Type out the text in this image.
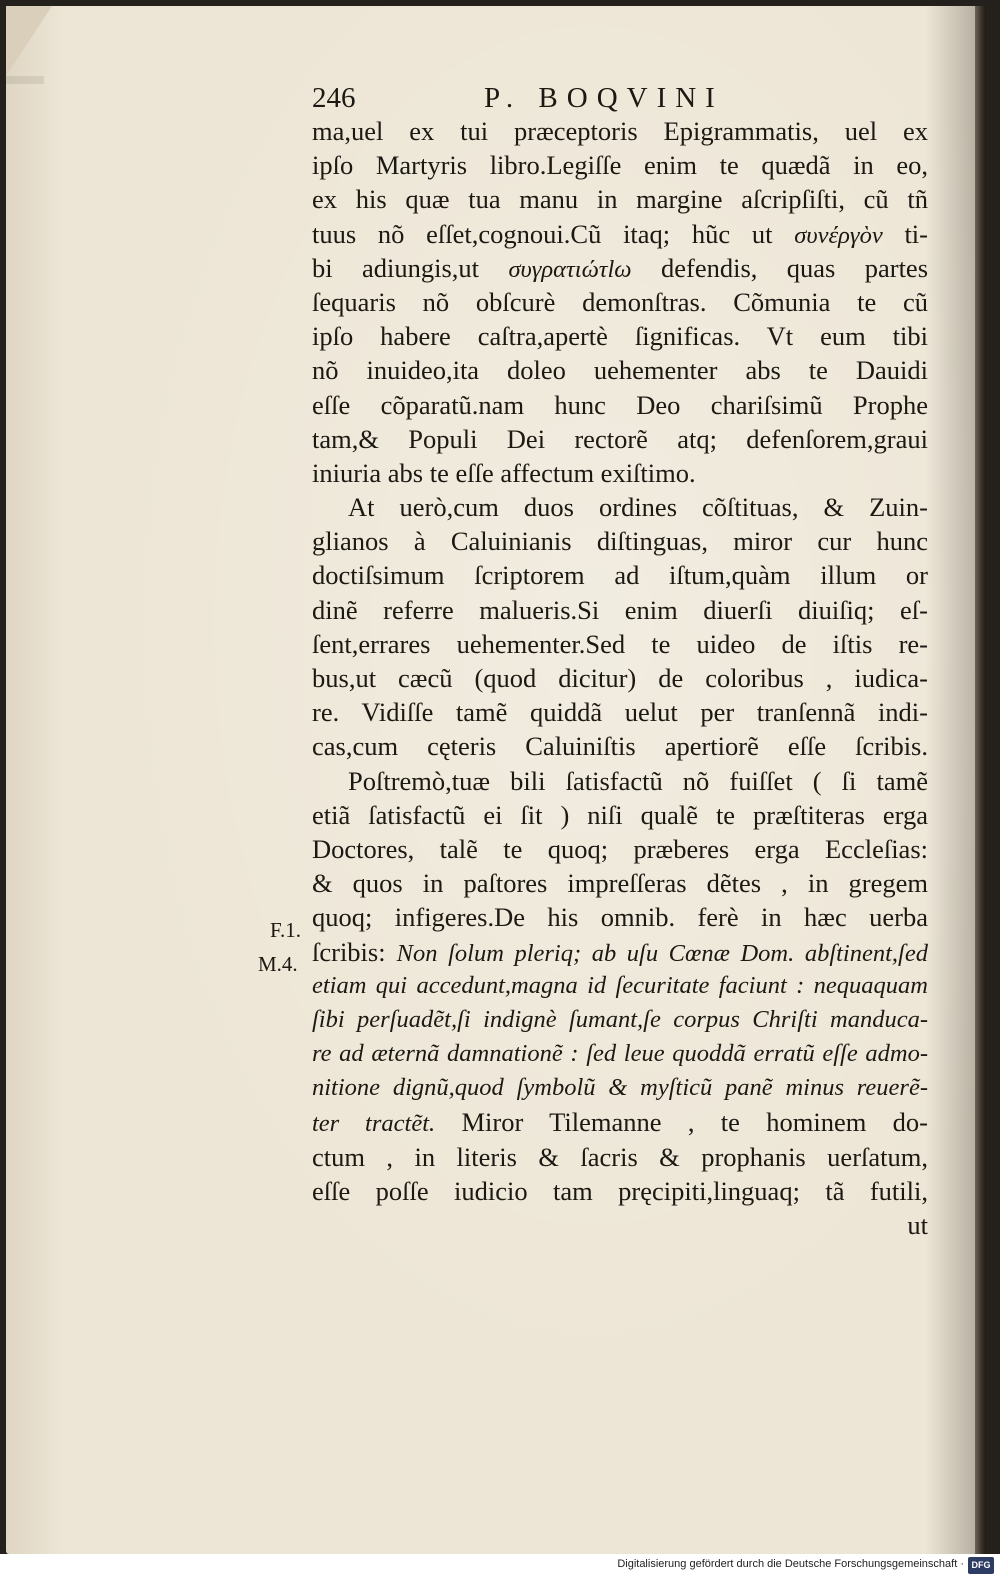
246	P. BOQVINI
ma,uel ex tui præceptoris Epigrammatis, uel ex
ipſo Martyris libro.Legiſſe enim te quædã in eo,
ex his quæ tua manu in margine aſcripſiſti, cũ tñ
tuus nõ eſſet,cognoui.Cũ itaq; hũc ut συνέργὸν ti-
bi adiungis,ut συγρατιώτlω defendis, quas partes
ſequaris nõ obſcurè demonſtras. Cõmunia te cũ
ipſo habere caſtra,apertè ſignificas. Vt eum tibi
nõ inuideo,ita doleo uehementer abs te Dauidi
eſſe cõparatũ.nam hunc Deo chariſsimũ Prophe
tam,& Populi Dei rectorẽ atq; defenſorem,graui
iniuria abs te eſſe affectum exiſtimo.
At uerò,cum duos ordines cõſtituas, & Zuin-
glianos à Caluinianis diſtinguas, miror cur hunc
doctiſsimum ſcriptorem ad iſtum,quàm illum or
dinẽ referre malueris.Si enim diuerſi diuiſiq; eſ-
ſent,errares uehementer.Sed te uideo de iſtis re-
bus,ut cæcũ (quod dicitur) de coloribus , iudica-
re. Vidiſſe tamẽ quiddã uelut per tranſennã indi-
cas,cum cęteris Caluiniſtis apertiorẽ eſſe ſcribis.
Poſtremò,tuæ bili ſatisfactũ nõ fuiſſet ( ſi tamẽ
etiã ſatisfactũ ei ſit ) niſi qualẽ te præſtiteras erga
Doctores, talẽ te quoq; præberes erga Eccleſias:
& quos in paſtores impreſſeras dẽtes , in gregem
quoq; infigeres.De his omnib. ferè in hæc uerba
ſcribis: Non ſolum pleriq; ab uſu Cœnæ Dom. abſtinent,ſed
etiam qui accedunt,magna id ſecuritate faciunt : nequaquam
ſibi perſuadẽt,ſi indignè ſumant,ſe corpus Chriſti manduca-
re ad æternã damnationẽ : ſed leue quoddã erratũ eſſe admo-
nitione dignũ,quod ſymbolũ & myſticũ panẽ minus reuerẽ-
ter tractẽt. Miror Tilemanne , te hominem do-
ctum , in literis & ſacris & prophanis uerſatum,
eſſe poſſe iudicio tam pręcipiti,linguaq; tã futili,
ut
F.1.
M.4.
Digitalisierung gefördert durch die Deutsche Forschungsgemeinschaft · DFG
